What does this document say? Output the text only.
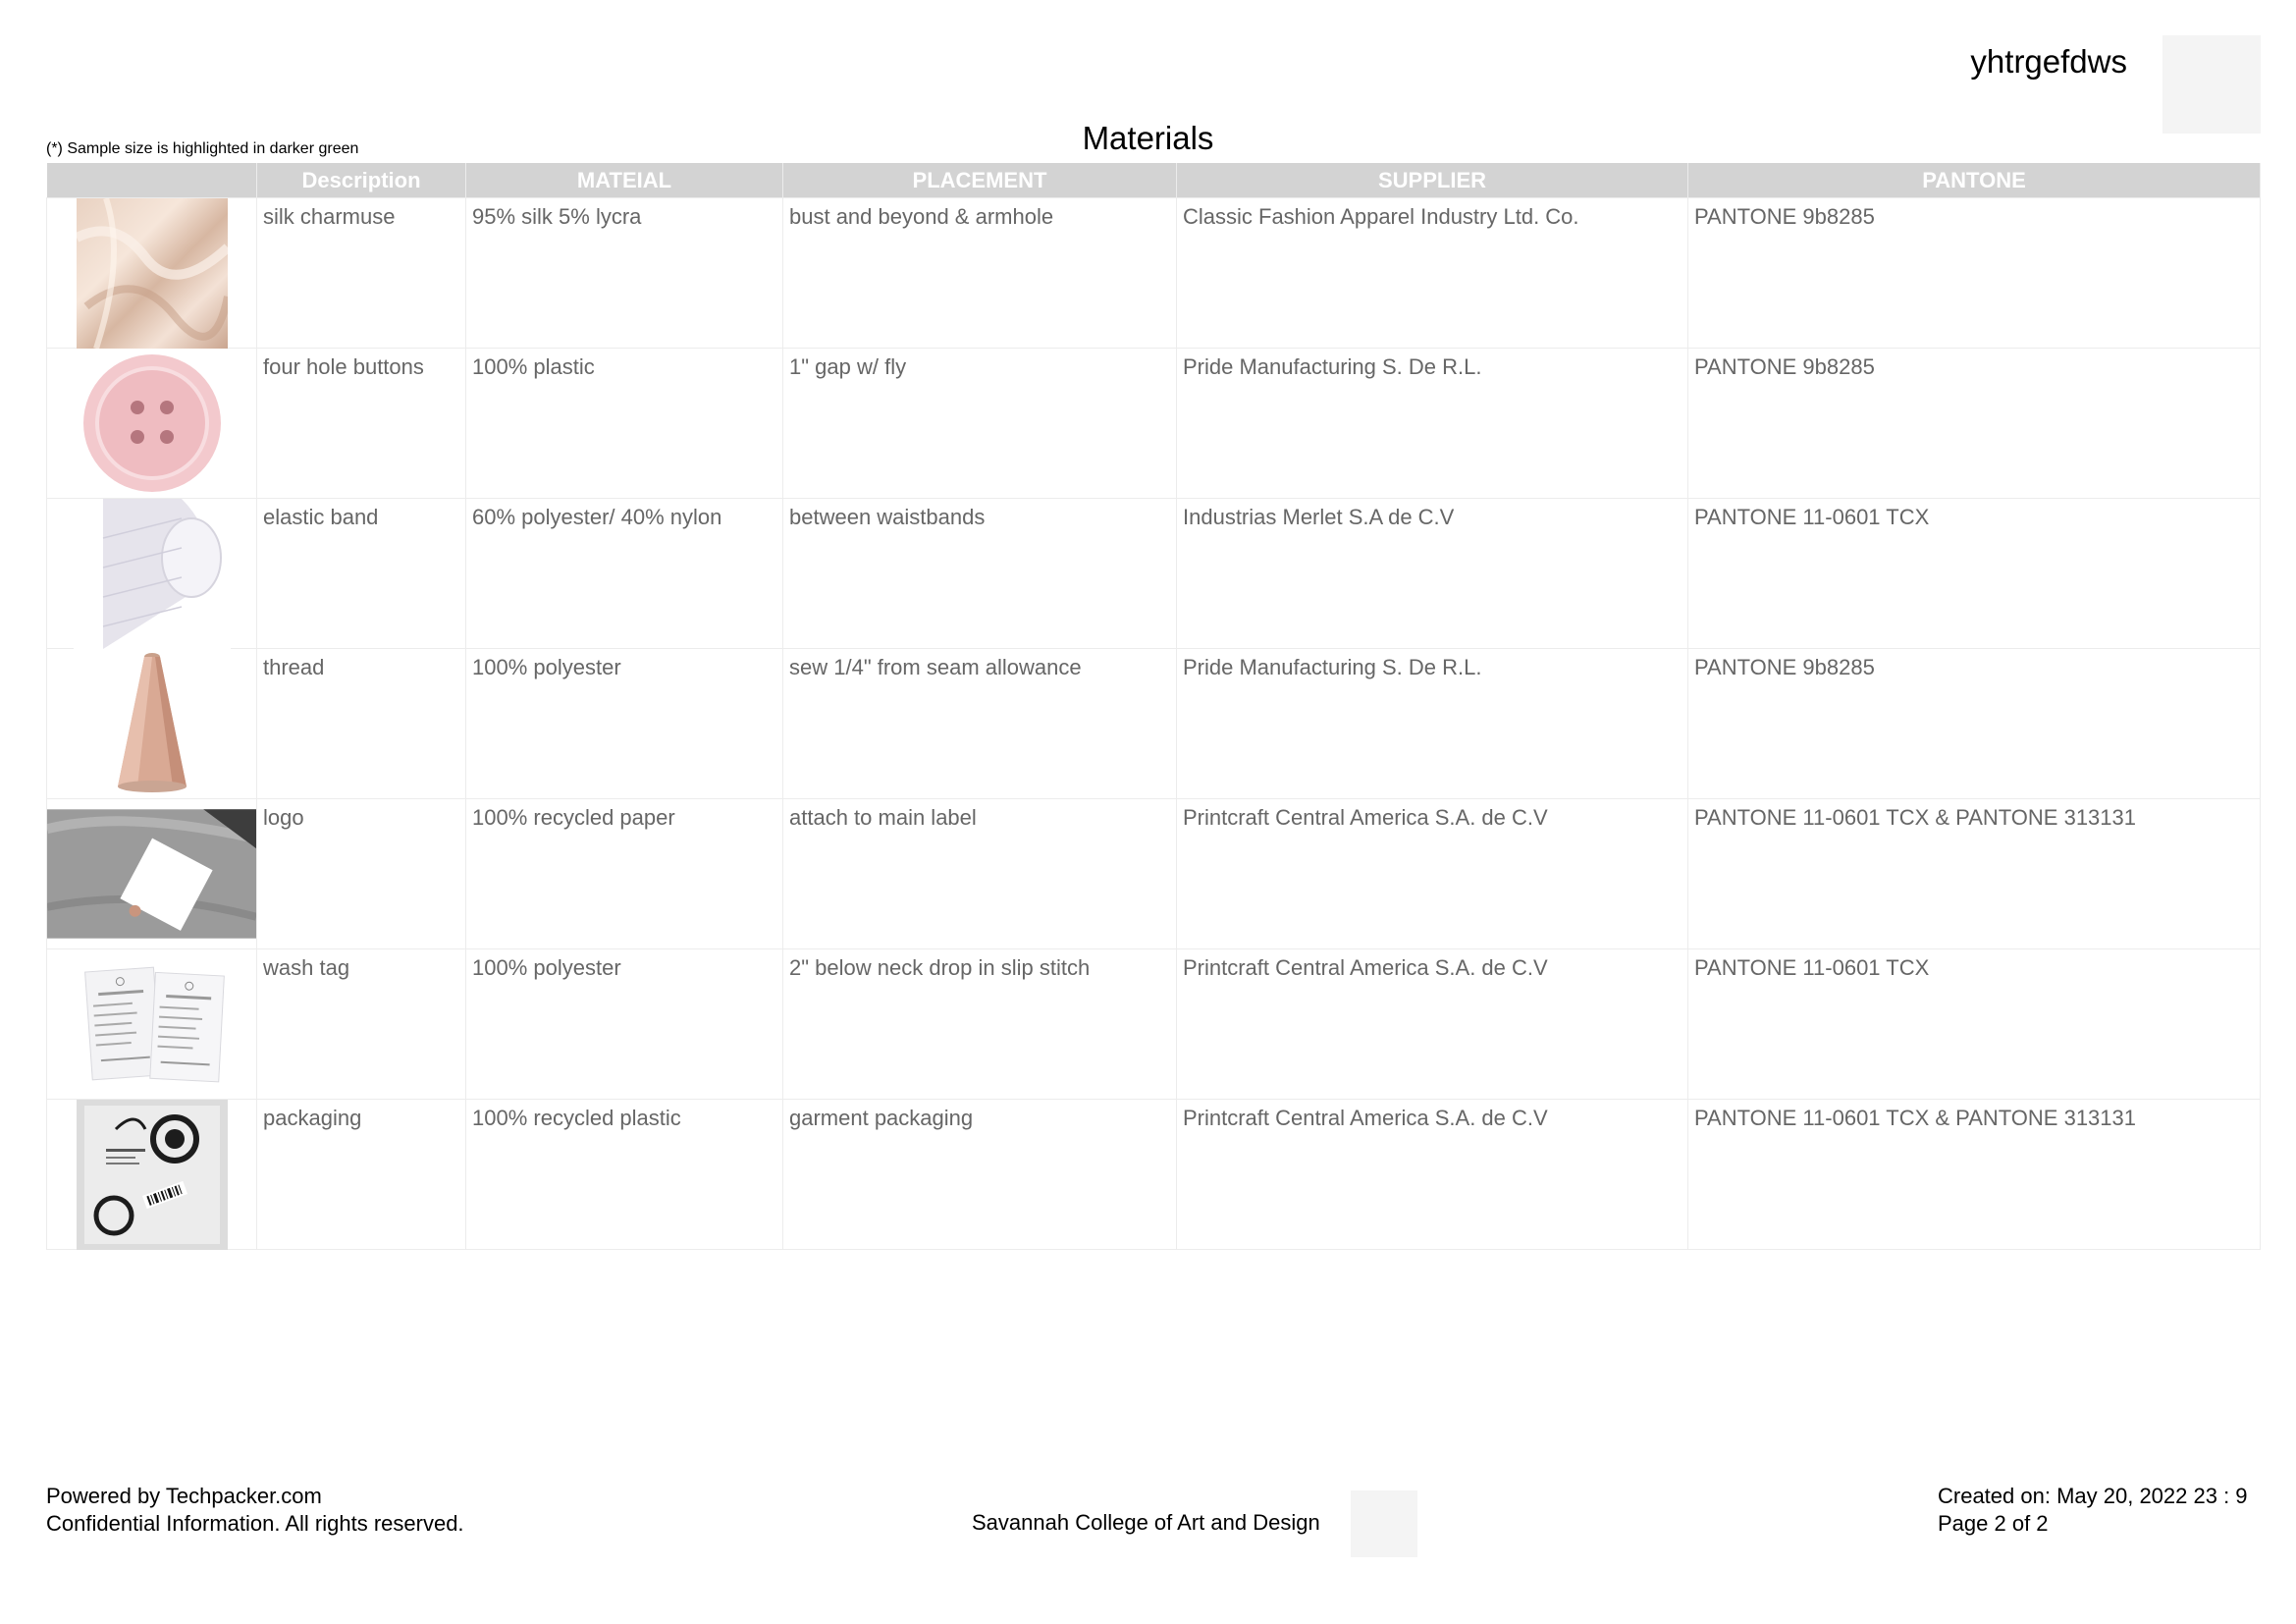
yhtrgefdws
(*) Sample size is highlighted in darker green	Materials
	Description	MATEIAL	PLACEMENT	SUPPLIER	PANTONE

	silk charmuse	95% silk 5% lycra	bust and beyond & armhole	Classic Fashion Apparel Industry Ltd. Co.	PANTONE 9b8285

	four hole buttons	100% plastic	1" gap w/ fly	Pride Manufacturing S. De R.L.	PANTONE 9b8285

	elastic band	60% polyester/ 40% nylon	between waistbands	Industrias Merlet S.A de C.V	PANTONE 11-0601 TCX

	thread	100% polyester	sew 1/4" from seam allowance	Pride Manufacturing S. De R.L.	PANTONE 9b8285

	logo	100% recycled paper	attach to main label	Printcraft Central America S.A. de C.V	PANTONE 11-0601 TCX & PANTONE 313131

	wash tag	100% polyester	2" below neck drop in slip stitch	Printcraft Central America S.A. de C.V	PANTONE 11-0601 TCX

	packaging	100% recycled plastic	garment packaging	Printcraft Central America S.A. de C.V	PANTONE 11-0601 TCX & PANTONE 313131
Powered by Techpacker.com
Confidential Information. All rights reserved.	Savannah College of Art and Design
Created on: May 20, 2022 23 : 9
Page 2 of 2
